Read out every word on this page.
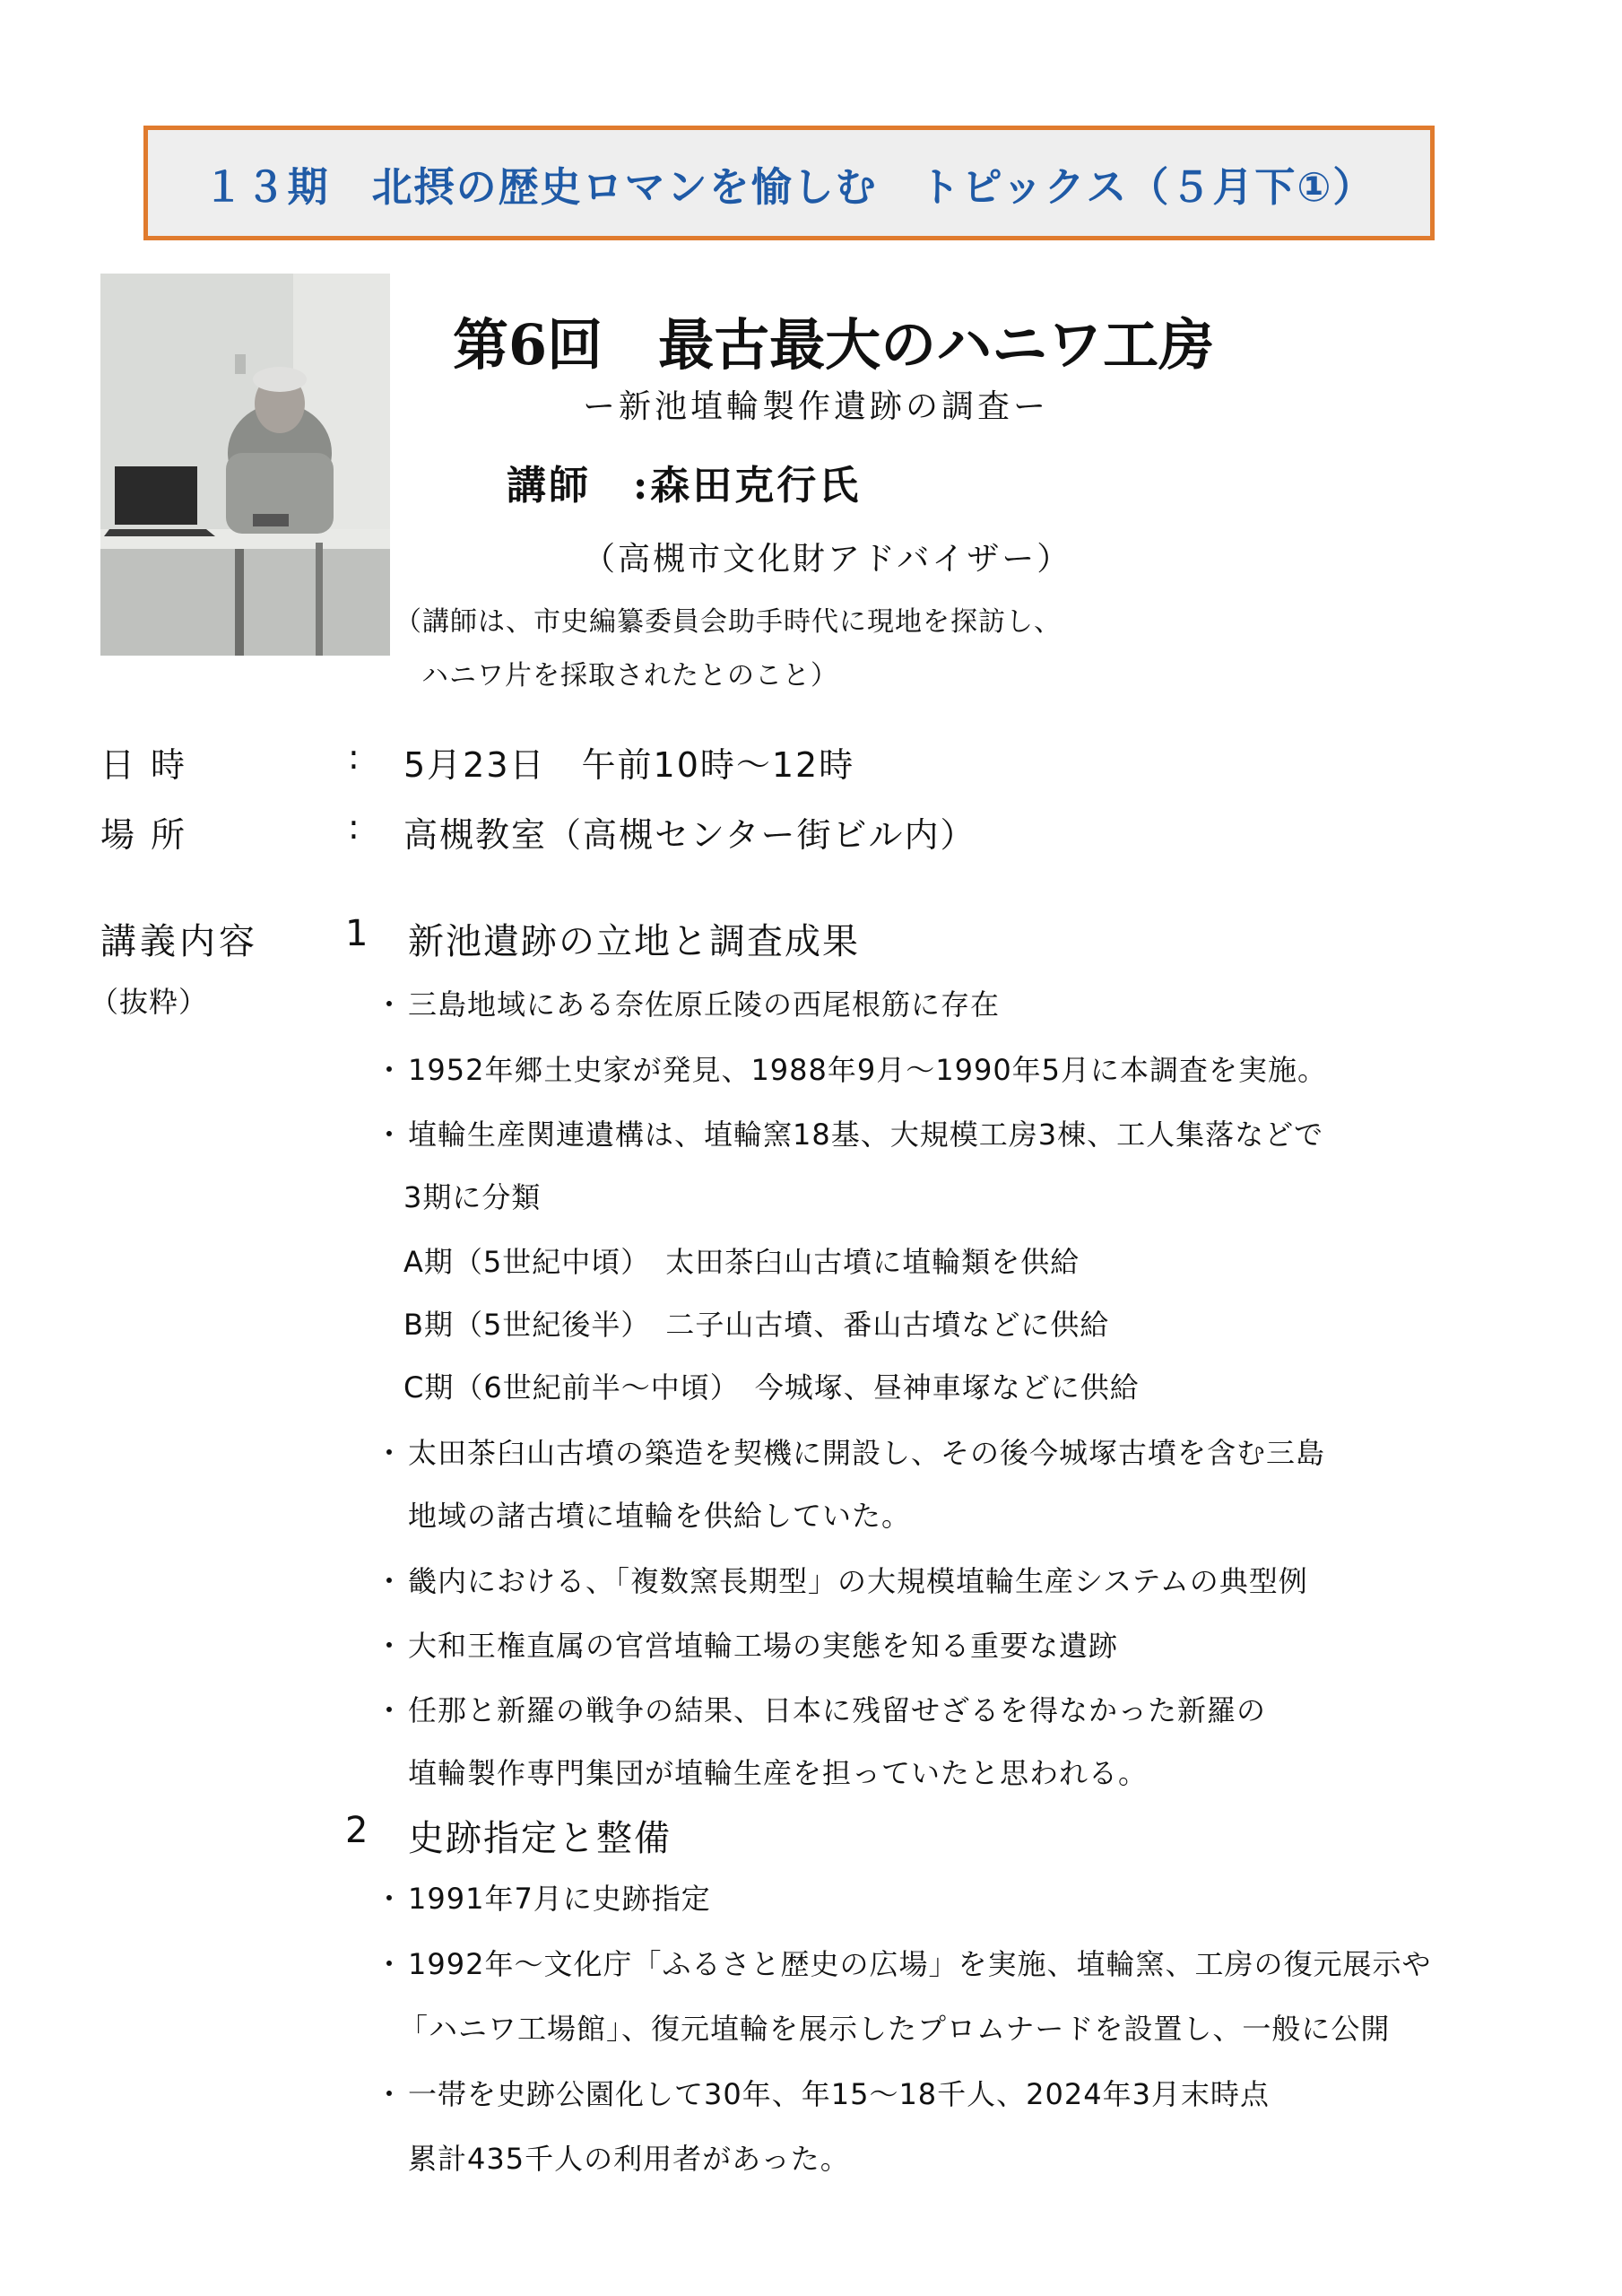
１３期　北摂の歴史ロマンを愉しむ　トピックス（５月下①）
第6回　最古最大のハニワ工房
ー新池埴輪製作遺跡の調査ー
講師　:森田克行氏
（高槻市文化財アドバイザー）
（講師は、市史編纂委員会助手時代に現地を探訪し、
ハニワ片を採取されたとのこと）
日時	: 5月23日　午前10時～12時
場所	: 高槻教室（高槻センター街ビル内）
講義内容
（抜粋）
1 新池遺跡の立地と調査成果
・ 三島地域にある奈佐原丘陵の西尾根筋に存在
・ 1952年郷土史家が発見、1988年9月～1990年5月に本調査を実施。
・ 埴輪生産関連遺構は、埴輪窯18基、大規模工房3棟、工人集落などで
3期に分類
A期（5世紀中頃）　太田茶臼山古墳に埴輪類を供給
B期（5世紀後半）　二子山古墳、番山古墳などに供給
C期（6世紀前半～中頃）　今城塚、昼神車塚などに供給
・ 太田茶臼山古墳の築造を契機に開設し、その後今城塚古墳を含む三島
地域の諸古墳に埴輪を供給していた。
・ 畿内における、「複数窯長期型」の大規模埴輪生産システムの典型例
・ 大和王権直属の官営埴輪工場の実態を知る重要な遺跡
・ 任那と新羅の戦争の結果、日本に残留せざるを得なかった新羅の
埴輪製作専門集団が埴輪生産を担っていたと思われる。
2 史跡指定と整備
・ 1991年7月に史跡指定
・ 1992年～文化庁「ふるさと歴史の広場」を実施、埴輪窯、工房の復元展示や
「ハニワ工場館」、復元埴輪を展示したプロムナードを設置し、一般に公開
・ 一帯を史跡公園化して30年、年15～18千人、2024年3月末時点
累計435千人の利用者があった。
